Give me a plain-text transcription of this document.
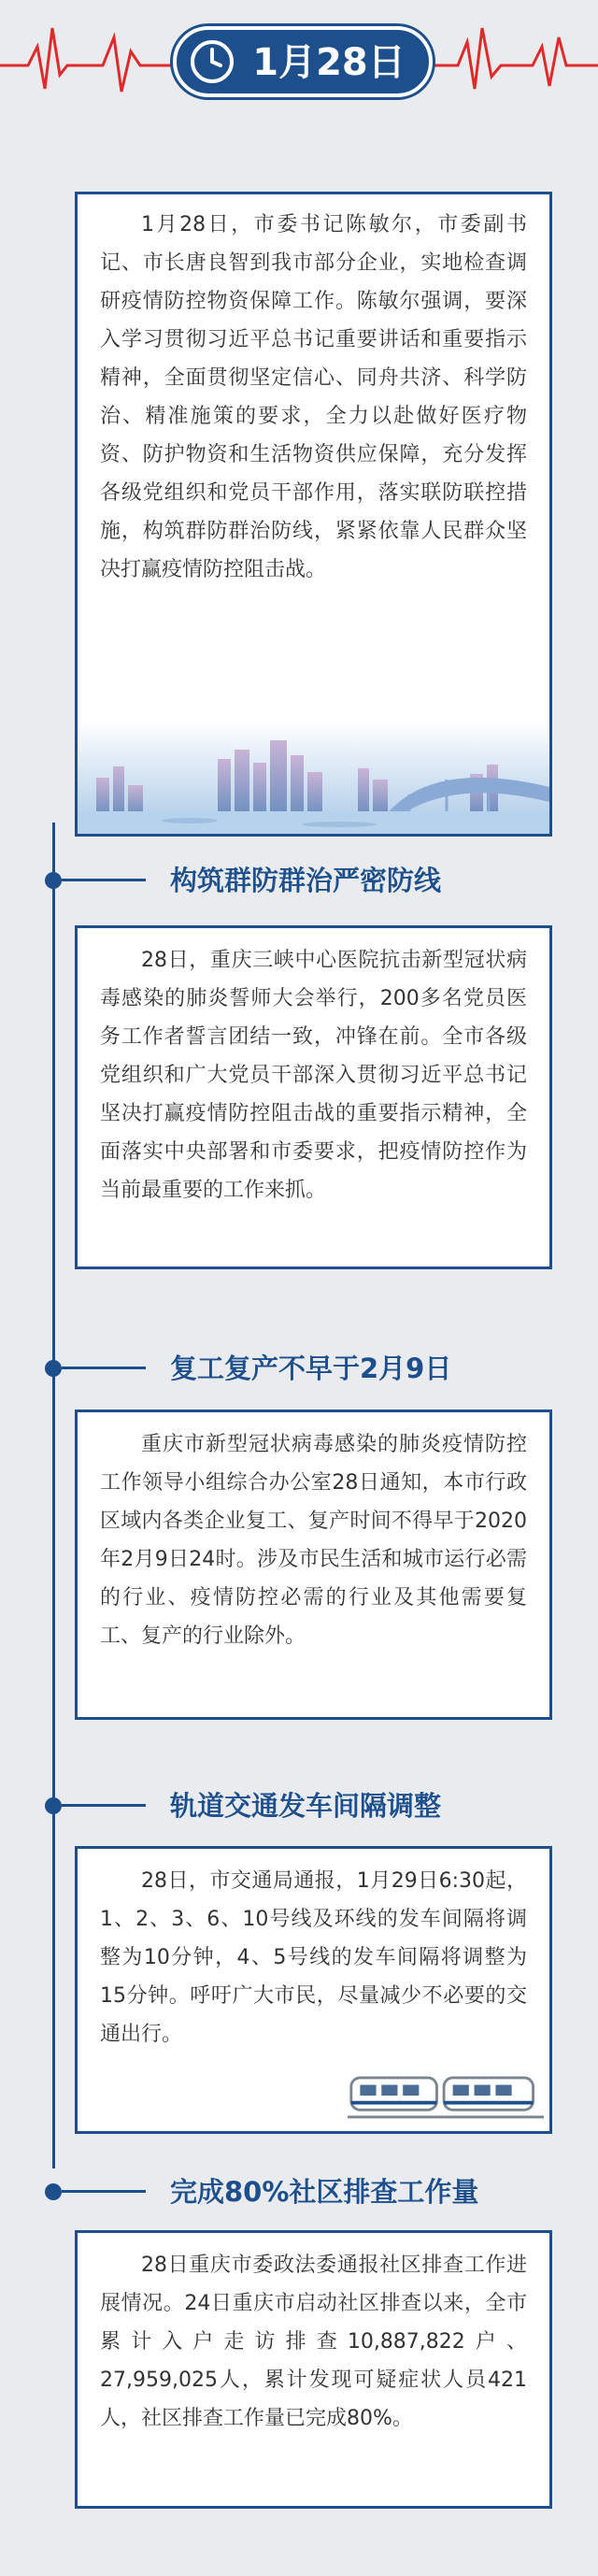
1月28日

1月28日，市委书记陈敏尔，市委副书记、市长唐良智到我市部分企业，实地检查调研疫情防控物资保障工作。陈敏尔强调，要深入学习贯彻习近平总书记重要讲话和重要指示精神，全面贯彻坚定信心、同舟共济、科学防治、精准施策的要求，全力以赴做好医疗物资、防护物资和生活物资供应保障，充分发挥各级党组织和党员干部作用，落实联防联控措施，构筑群防群治防线，紧紧依靠人民群众坚决打赢疫情防控阻击战。

构筑群防群治严密防线

28日，重庆三峡中心医院抗击新型冠状病毒感染的肺炎誓师大会举行，200多名党员医务工作者誓言团结一致，冲锋在前。全市各级党组织和广大党员干部深入贯彻习近平总书记坚决打赢疫情防控阻击战的重要指示精神，全面落实中央部署和市委要求，把疫情防控作为当前最重要的工作来抓。

复工复产不早于2月9日

重庆市新型冠状病毒感染的肺炎疫情防控工作领导小组综合办公室28日通知，本市行政区域内各类企业复工、复产时间不得早于2020年2月9日24时。涉及市民生活和城市运行必需的行业、疫情防控必需的行业及其他需要复工、复产的行业除外。

轨道交通发车间隔调整

28日，市交通局通报，1月29日6:30起， 1、2、3、6、10号线及环线的发车间隔将调整为10分钟，4、5号线的发车间隔将调整为15分钟。呼吁广大市民，尽量减少不必要的交通出行。

完成80%社区排查工作量

28日重庆市委政法委通报社区排查工作进展情况。24日重庆市启动社区排查以来，全市累计入户走访排查10,887,822户、27,959,025人，累计发现可疑症状人员421人，社区排查工作量已完成80%。
